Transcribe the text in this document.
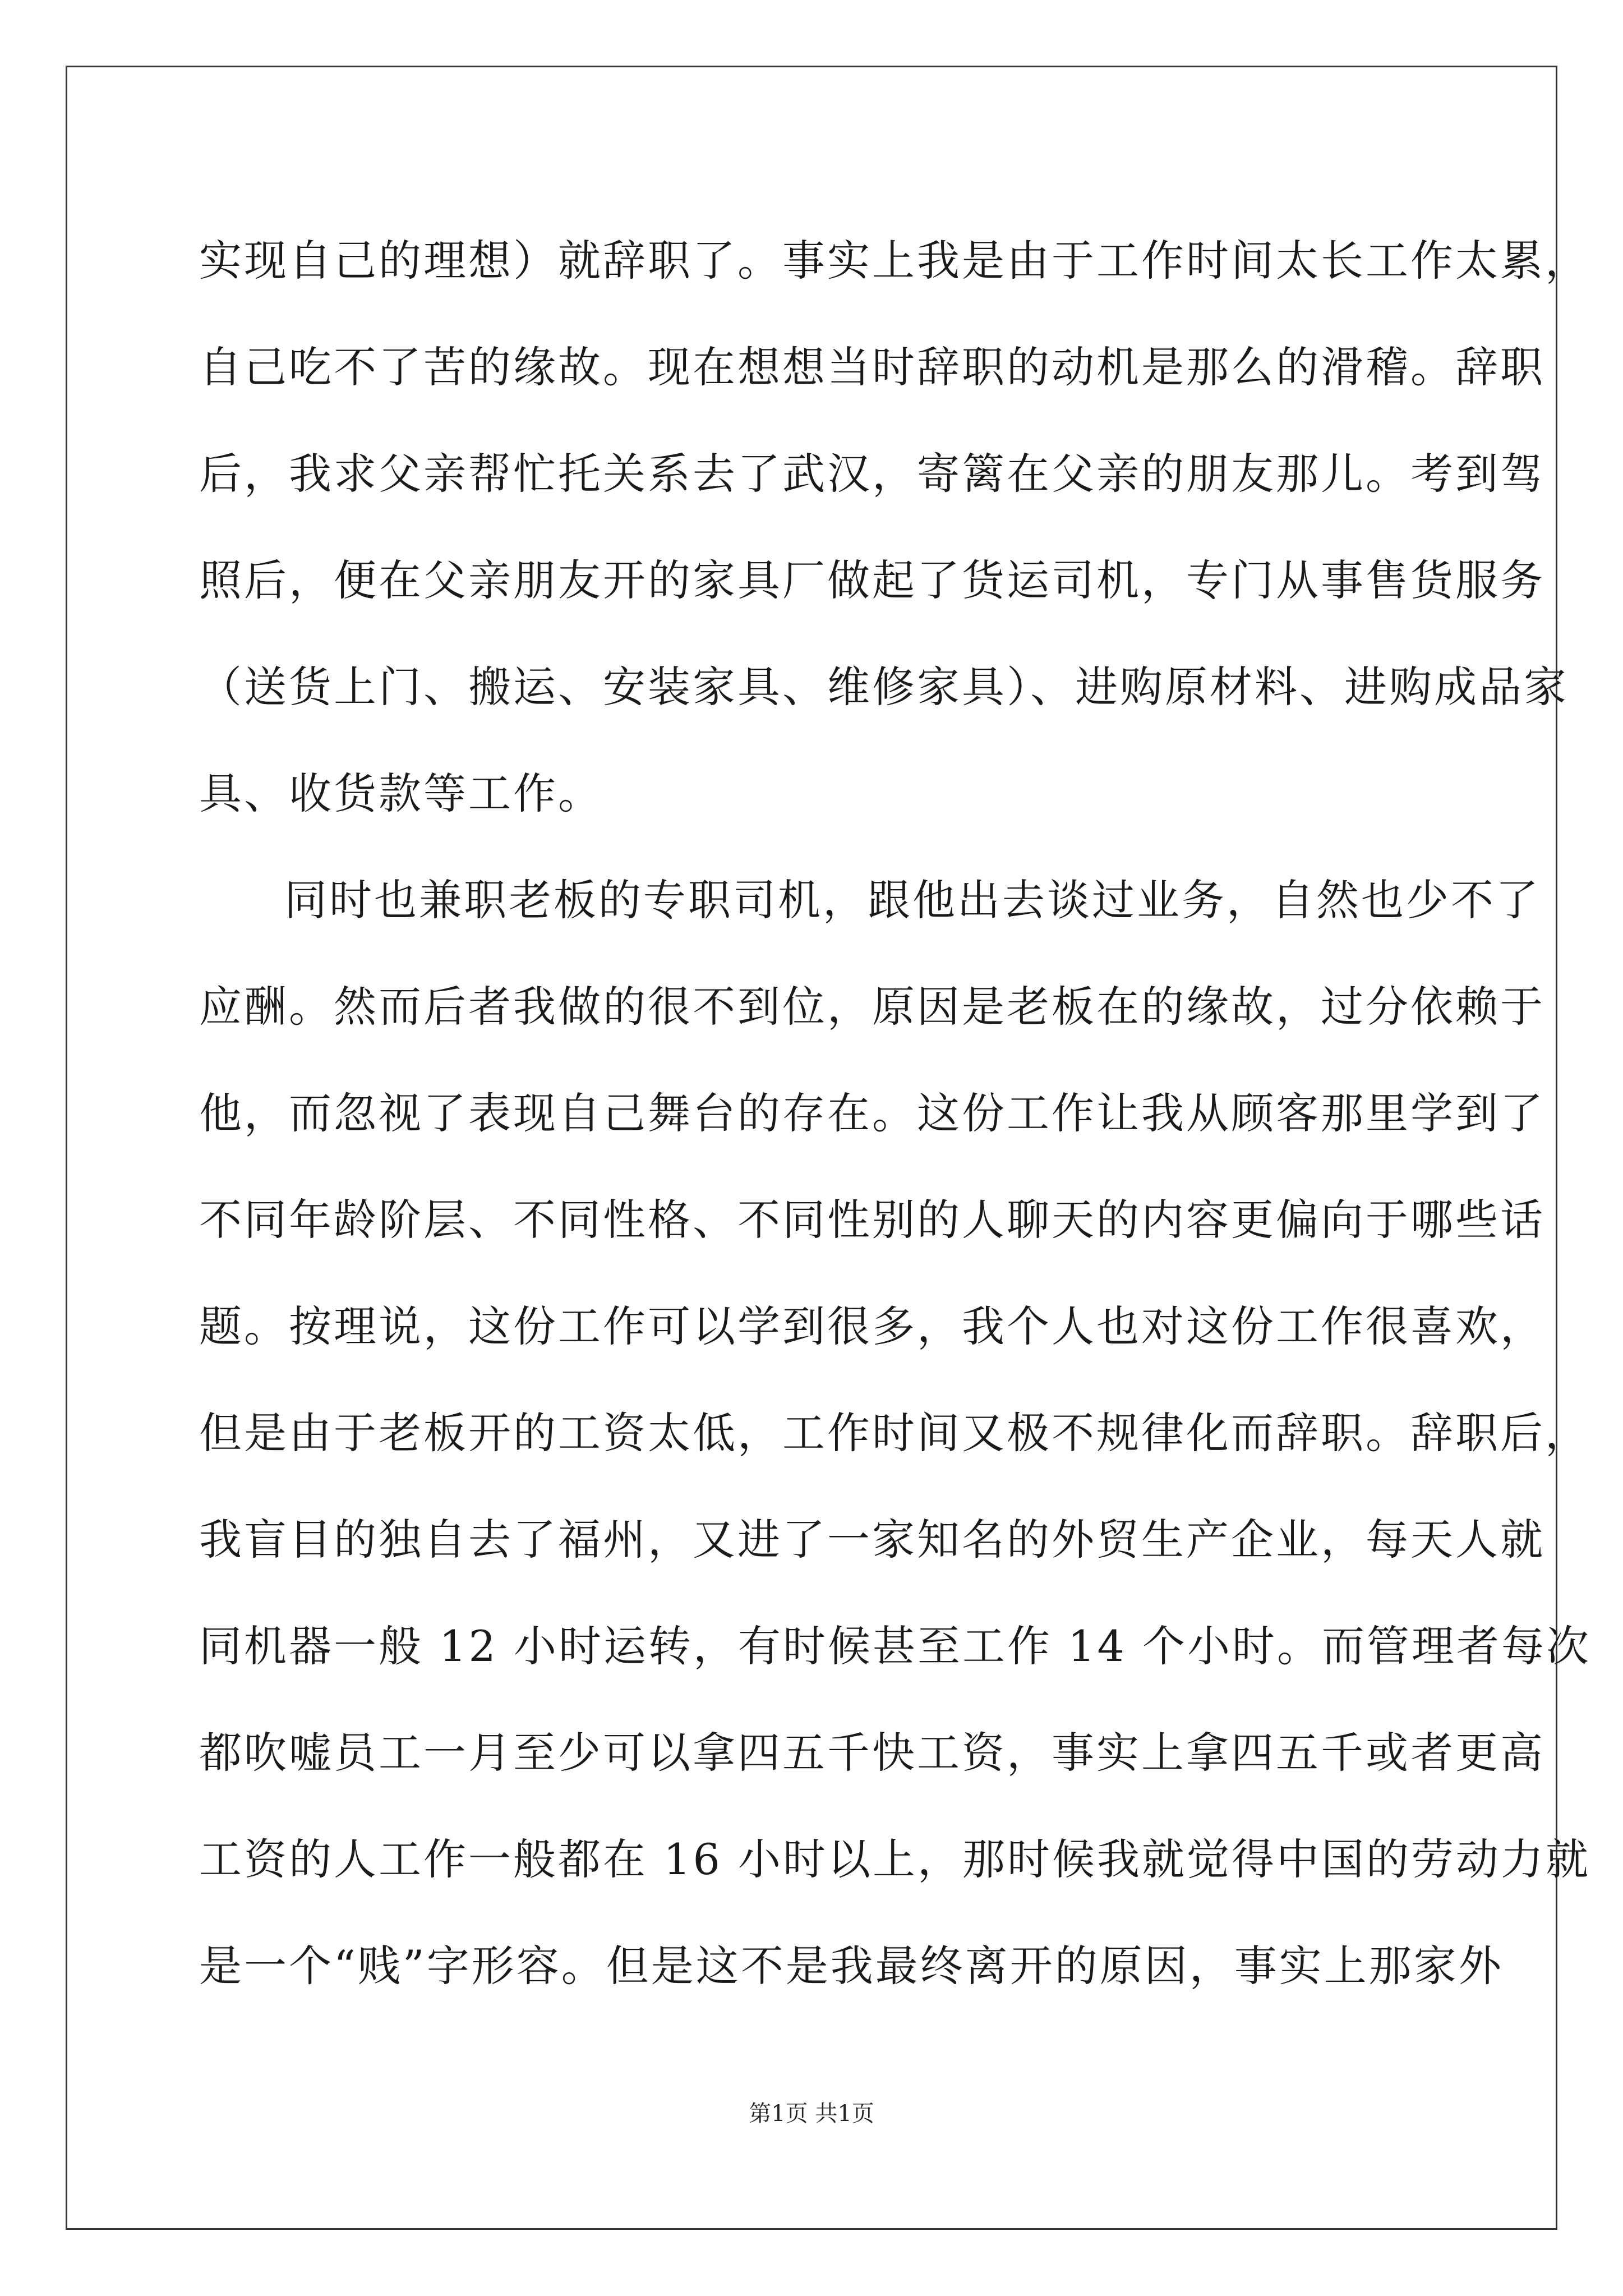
实现自己的理想）就辞职了。事实上我是由于工作时间太长工作太累，
自己吃不了苦的缘故。现在想想当时辞职的动机是那么的滑稽。辞职
后，我求父亲帮忙托关系去了武汉，寄篱在父亲的朋友那儿。考到驾
照后，便在父亲朋友开的家具厂做起了货运司机，专门从事售货服务
（送货上门、搬运、安装家具、维修家具）、进购原材料、进购成品家
具、收货款等工作。
同时也兼职老板的专职司机，跟他出去谈过业务，自然也少不了
应酬。然而后者我做的很不到位，原因是老板在的缘故，过分依赖于
他，而忽视了表现自己舞台的存在。这份工作让我从顾客那里学到了
不同年龄阶层、不同性格、不同性别的人聊天的内容更偏向于哪些话
题。按理说，这份工作可以学到很多，我个人也对这份工作很喜欢，
但是由于老板开的工资太低，工作时间又极不规律化而辞职。辞职后，
我盲目的独自去了福州，又进了一家知名的外贸生产企业，每天人就
同机器一般 12 小时运转，有时候甚至工作 14 个小时。而管理者每次
都吹嘘员工一月至少可以拿四五千快工资，事实上拿四五千或者更高
工资的人工作一般都在 16 小时以上，那时候我就觉得中国的劳动力就
是一个“贱”字形容。但是这不是我最终离开的原因，事实上那家外
第1页 共1页
